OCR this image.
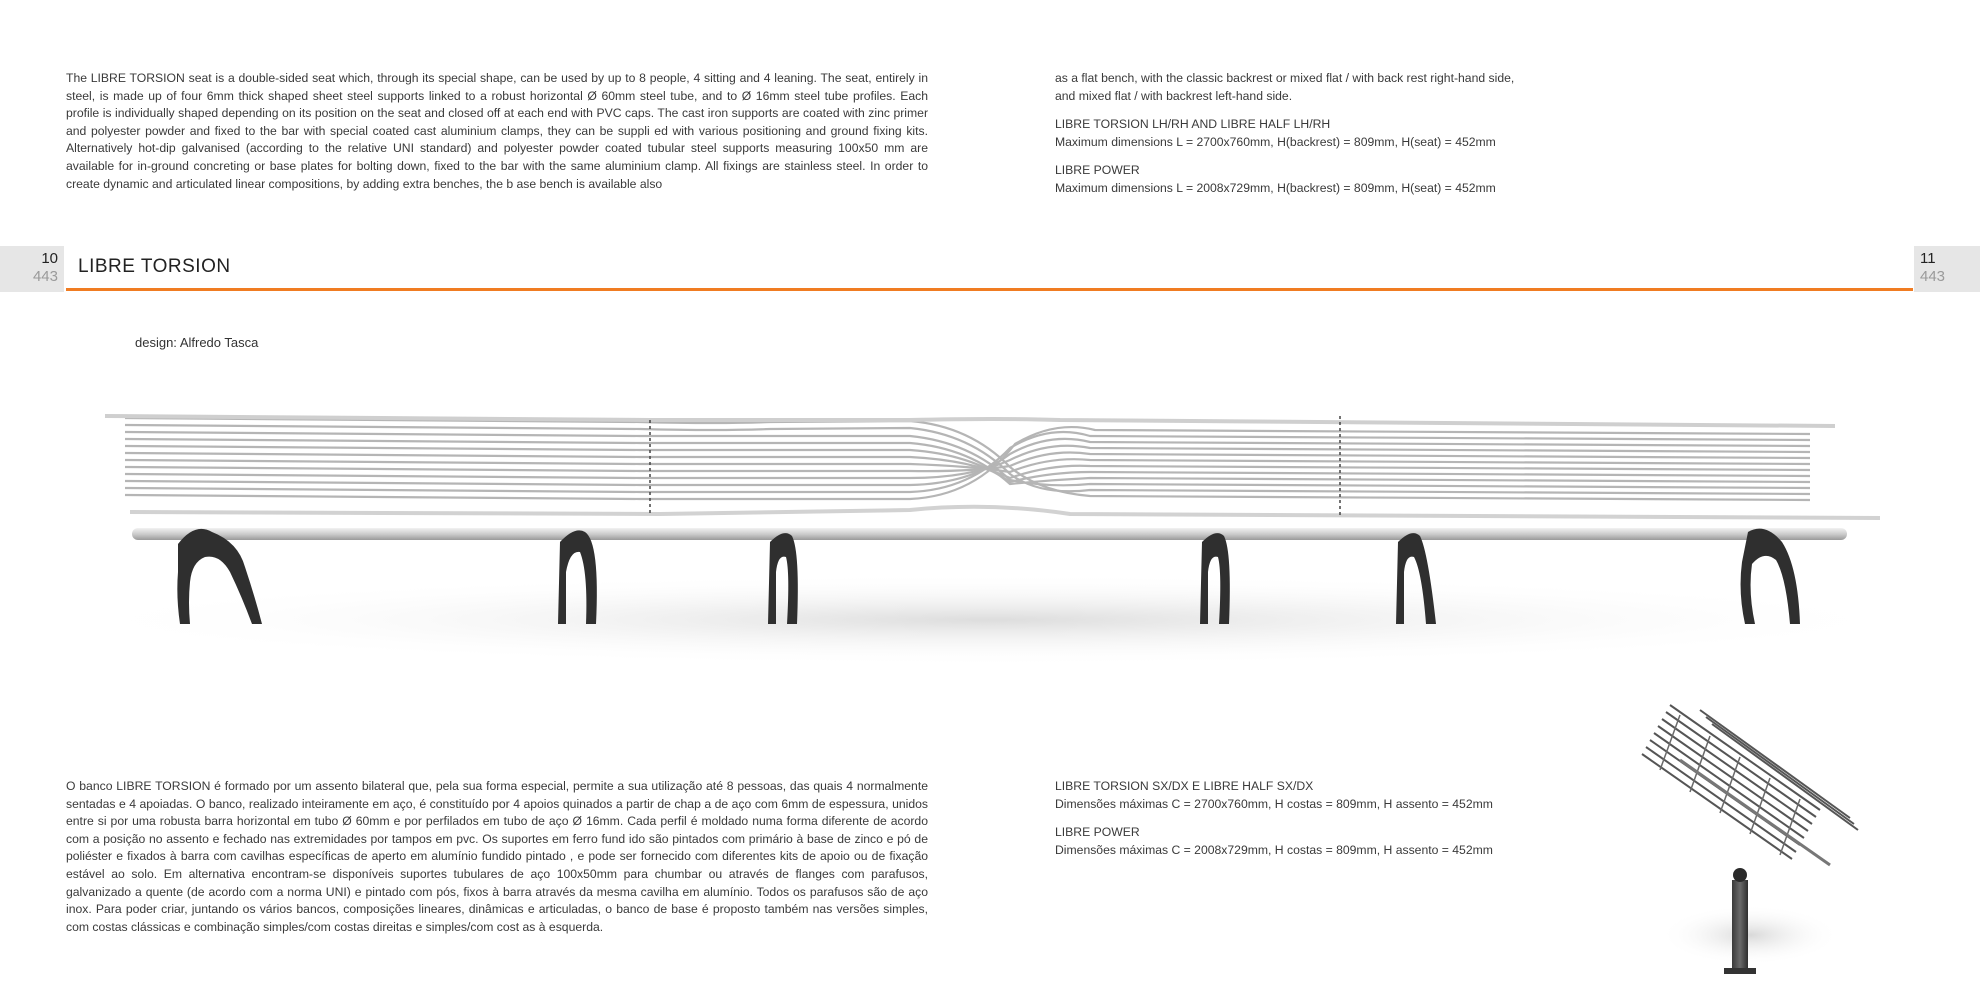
The LIBRE TORSION seat is a double-sided seat which, through its special shape, can be used by up to 8 people, 4 sitting and 4 leaning. The seat, entirely in steel, is made up of four 6mm thick shaped sheet steel supports linked to a robust horizontal Ø 60mm steel tube, and to Ø 16mm steel tube profiles. Each profile is individually shaped depending on its position on the seat and closed off at each end with PVC caps. The cast iron supports are coated with zinc primer and polyester powder and fixed to the bar with special coated cast aluminium clamps, they can be suppli ed with various positioning and ground fixing kits. Alternatively hot-dip galvanised (according to the relative UNI standard) and polyester powder coated tubular steel supports measuring 100x50 mm are available for in-ground concreting or base plates for bolting down, fixed to the bar with the same aluminium clamp. All fixings are stainless steel. In order to create dynamic and articulated linear compositions, by adding extra benches, the b ase bench is available also

as a flat bench, with the classic backrest or mixed flat / with back rest right-hand side,
and mixed flat / with backrest left-hand side.
LIBRE TORSION LH/RH AND LIBRE HALF LH/RH
Maximum dimensions L = 2700x760mm, H(backrest) = 809mm, H(seat) = 452mm
LIBRE POWER
Maximum dimensions L = 2008x729mm, H(backrest) = 809mm, H(seat) = 452mm
10
443	LIBRE TORSION	11
443
design: Alfredo Tasca

O banco LIBRE TORSION é formado por um assento bilateral que, pela sua forma especial, permite a sua utilização até 8 pessoas, das quais 4 normalmente sentadas e 4 apoiadas. O banco, realizado inteiramente em aço, é constituído por 4 apoios quinados a partir de chap a de aço com 6mm de espessura, unidos entre si por uma robusta barra horizontal em tubo Ø 60mm e por perfilados em tubo de aço Ø 16mm. Cada perfil é moldado numa forma diferente de acordo com a posição no assento e fechado nas extremidades por tampos em pvc. Os suportes em ferro fund ido são pintados com primário à base de zinco e pó de poliéster e fixados à barra com cavilhas específicas de aperto em alumínio fundido pintado , e pode ser fornecido com diferentes kits de apoio ou de fixação estável ao solo. Em alternativa encontram-se disponíveis suportes tubulares de aço 100x50mm para chumbar ou através de flanges com parafusos, galvanizado a quente (de acordo com a norma UNI) e pintado com pós, fixos à barra através da mesma cavilha em alumínio. Todos os parafusos são de aço inox. Para poder criar, juntando os vários bancos, composições lineares, dinâmicas e articuladas, o banco de base é proposto também nas versões simples, com costas clássicas e combinação simples/com costas direitas e simples/com cost as à esquerda.

LIBRE TORSION SX/DX E LIBRE HALF SX/DX
Dimensões máximas C = 2700x760mm, H costas = 809mm, H assento = 452mm
LIBRE POWER
Dimensões máximas C = 2008x729mm, H costas = 809mm, H assento = 452mm
